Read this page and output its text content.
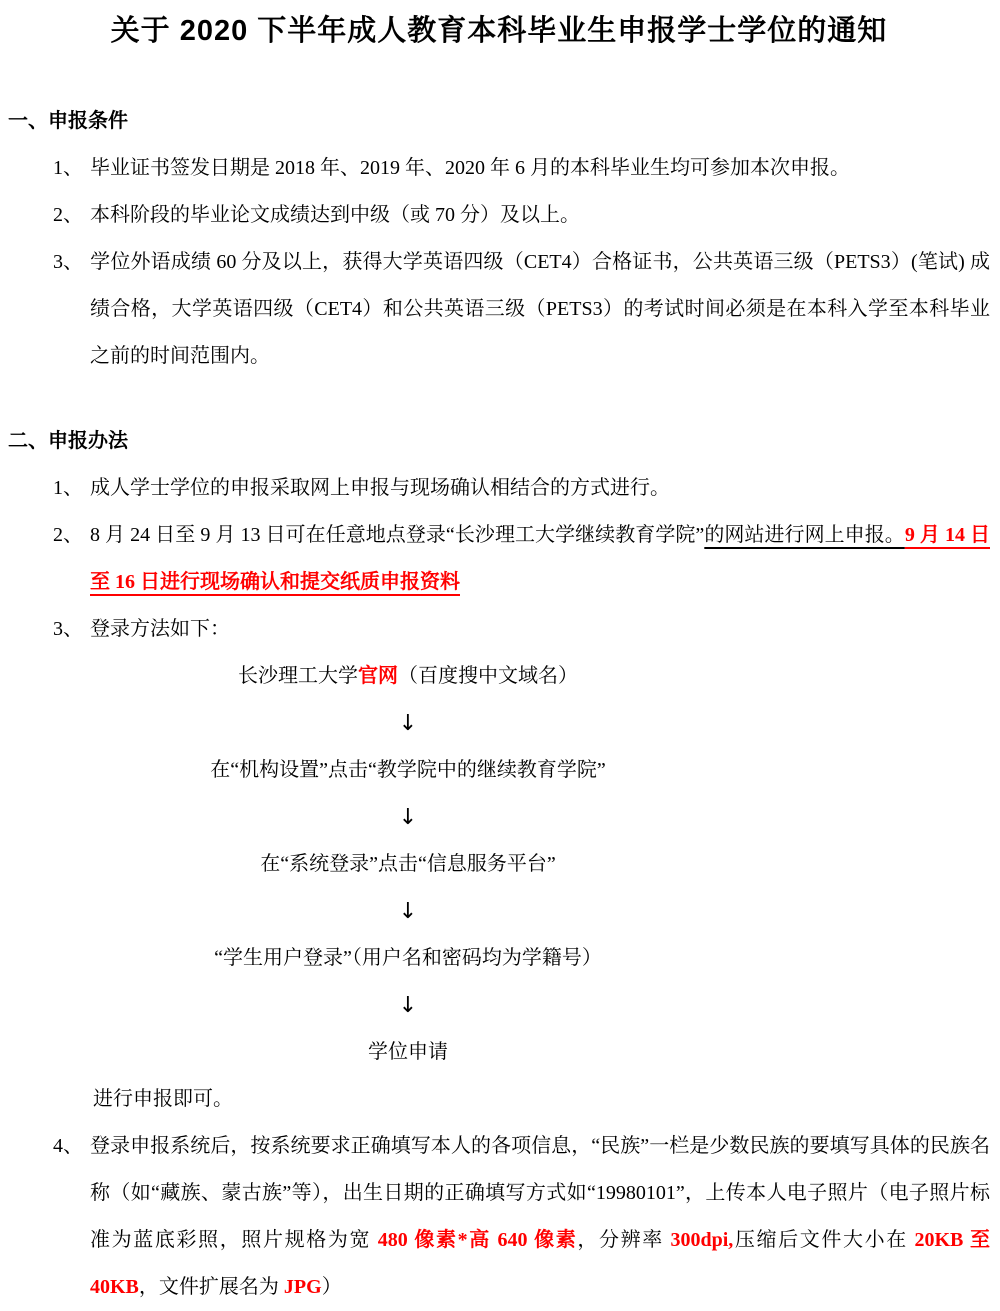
关于 2020 下半年成人教育本科毕业生申报学士学位的通知

一、申报条件

1、 毕业证书签发日期是 2018 年、2019 年、2020 年 6 月的本科毕业生均可参加本次申报。

2、 本科阶段的毕业论文成绩达到中级（或 70 分）及以上。

3、 学位外语成绩 60 分及以上，获得大学英语四级（CET4）合格证书，公共英语三级（PETS3）(笔试) 成绩合格，大学英语四级（CET4）和公共英语三级（PETS3）的考试时间必须是在本科入学至本科毕业之前的时间范围内。

二、申报办法

1、 成人学士学位的申报采取网上申报与现场确认相结合的方式进行。

2、 8 月 24 日至 9 月 13 日可在任意地点登录“长沙理工大学继续教育学院”的网站进行网上申报。9 月 14 日至 16 日进行现场确认和提交纸质申报资料

3、 登录方法如下：

长沙理工大学官网（百度搜中文域名）
↓
在“机构设置”点击“教学院中的继续教育学院”
↓
在“系统登录”点击“信息服务平台”
↓
“学生用户登录”（用户名和密码均为学籍号）
↓
学位申请

进行申报即可。

4、 登录申报系统后，按系统要求正确填写本人的各项信息，“民族”一栏是少数民族的要填写具体的民族名称（如“藏族、蒙古族”等），出生日期的正确填写方式如“19980101”，上传本人电子照片（电子照片标准为蓝底彩照，照片规格为宽 480 像素*高 640 像素，分辨率 300dpi,压缩后文件大小在 20KB 至 40KB，文件扩展名为 JPG）
